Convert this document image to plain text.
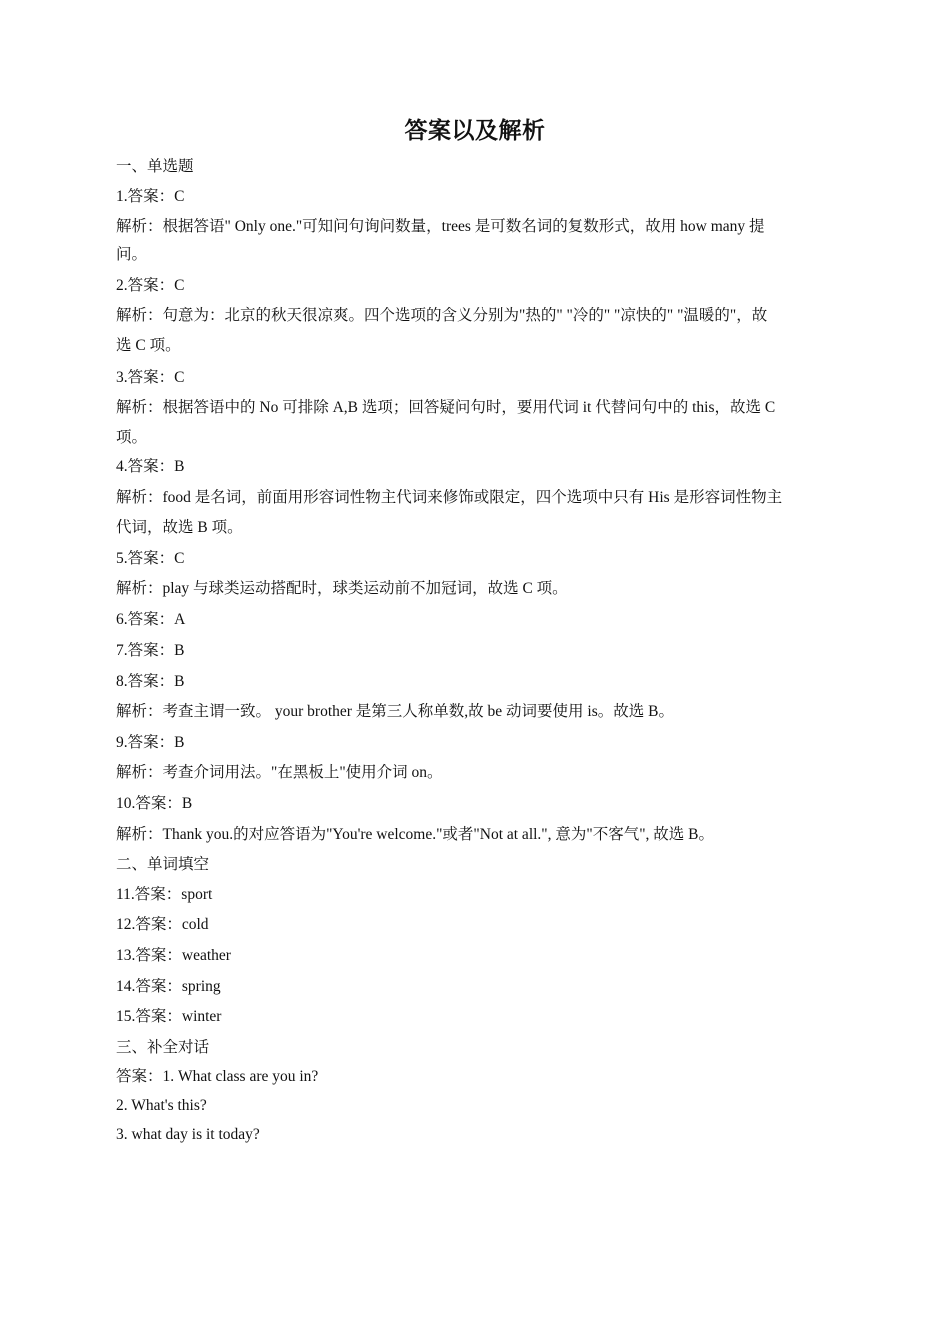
答案以及解析
一、单选题
1.答案：C
解析：根据答语" Only one."可知问句询问数量，trees 是可数名词的复数形式，故用 how many 提
问。
2.答案：C
解析：句意为：北京的秋天很凉爽。四个选项的含义分别为"热的" "冷的" "凉快的" "温暖的"，故
选 C 项。
3.答案：C
解析：根据答语中的 No 可排除 A,B 选项；回答疑问句时，要用代词 it 代替问句中的 this，故选 C
项。
4.答案：B
解析：food 是名词，前面用形容词性物主代词来修饰或限定，四个选项中只有 His 是形容词性物主
代词，故选 B 项。
5.答案：C
解析：play 与球类运动搭配时，球类运动前不加冠词，故选 C 项。
6.答案：A
7.答案：B
8.答案：B
解析：考查主谓一致。 your brother 是第三人称单数,故 be 动词要使用 is。故选 B。
9.答案：B
解析：考查介词用法。"在黑板上"使用介词 on。
10.答案：B
解析：Thank you.的对应答语为"You're welcome."或者"Not at all.", 意为"不客气", 故选 B。
二、单词填空
11.答案：sport
12.答案：cold
13.答案：weather
14.答案：spring
15.答案：winter
三、补全对话
答案：1. What class are you in?
2. What's this?
3. what day is it today?
